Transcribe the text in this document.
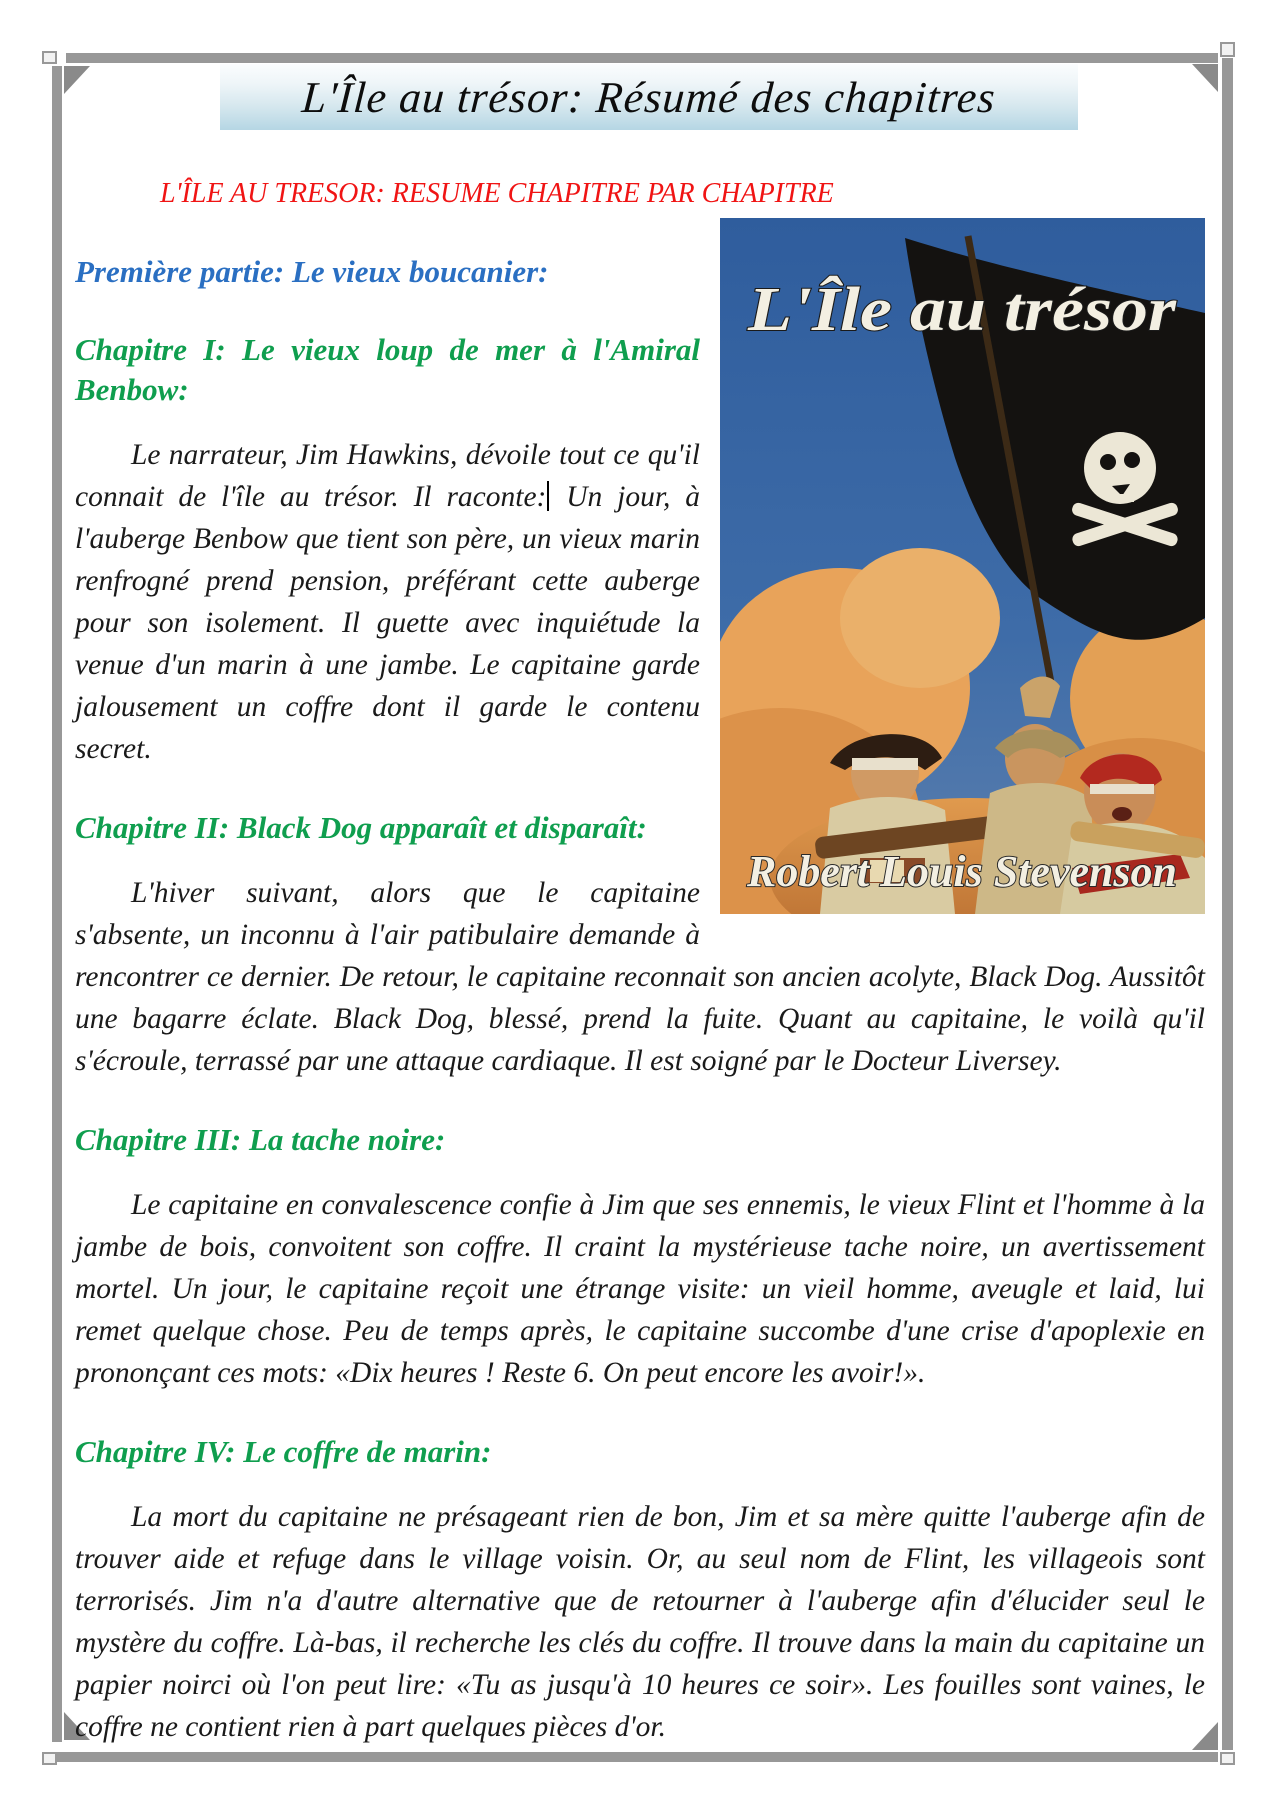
L'Île au trésor: Résumé des chapitres
L'ÎLE AU TRESOR: RESUME CHAPITRE PAR CHAPITRE
L'Île au trésor
Robert Louis Stevenson
Première partie: Le vieux boucanier:
Chapitre I: Le vieux loup de mer à l'Amiral Benbow:

Le narrateur, Jim Hawkins, dévoile tout ce qu'il connait de l'île au trésor. Il raconte: Un jour, à l'auberge Benbow que tient son père, un vieux marin renfrogné prend pension, préférant cette auberge pour son isolement. Il guette avec inquiétude la venue d'un marin à une jambe. Le capitaine garde jalousement un coffre dont il garde le contenu secret.

Chapitre II: Black Dog apparaît et disparaît:

L'hiver suivant, alors que le capitaine s'absente, un inconnu à l'air patibulaire demande à rencontrer ce dernier. De retour, le capitaine reconnait son ancien acolyte, Black Dog. Aussitôt une bagarre éclate. Black Dog, blessé, prend la fuite. Quant au capitaine, le voilà qu'il s'écroule, terrassé par une attaque cardiaque. Il est soigné par le Docteur Liversey.

Chapitre III: La tache noire:

Le capitaine en convalescence confie à Jim que ses ennemis, le vieux Flint et l'homme à la jambe de bois, convoitent son coffre. Il craint la mystérieuse tache noire, un avertissement mortel. Un jour, le capitaine reçoit une étrange visite: un vieil homme, aveugle et laid, lui remet quelque chose. Peu de temps après, le capitaine succombe d'une crise d'apoplexie en prononçant ces mots: «Dix heures ! Reste 6. On peut encore les avoir!».

Chapitre IV: Le coffre de marin:

La mort du capitaine ne présageant rien de bon, Jim et sa mère quitte l'auberge afin de trouver aide et refuge dans le village voisin. Or, au seul nom de Flint, les villageois sont terrorisés. Jim n'a d'autre alternative que de retourner à l'auberge afin d'élucider seul le mystère du coffre. Là-bas, il recherche les clés du coffre. Il trouve dans la main du capitaine un papier noirci où l'on peut lire: «Tu as jusqu'à 10 heures ce soir». Les fouilles sont vaines, le coffre ne contient rien à part quelques pièces d'or.
